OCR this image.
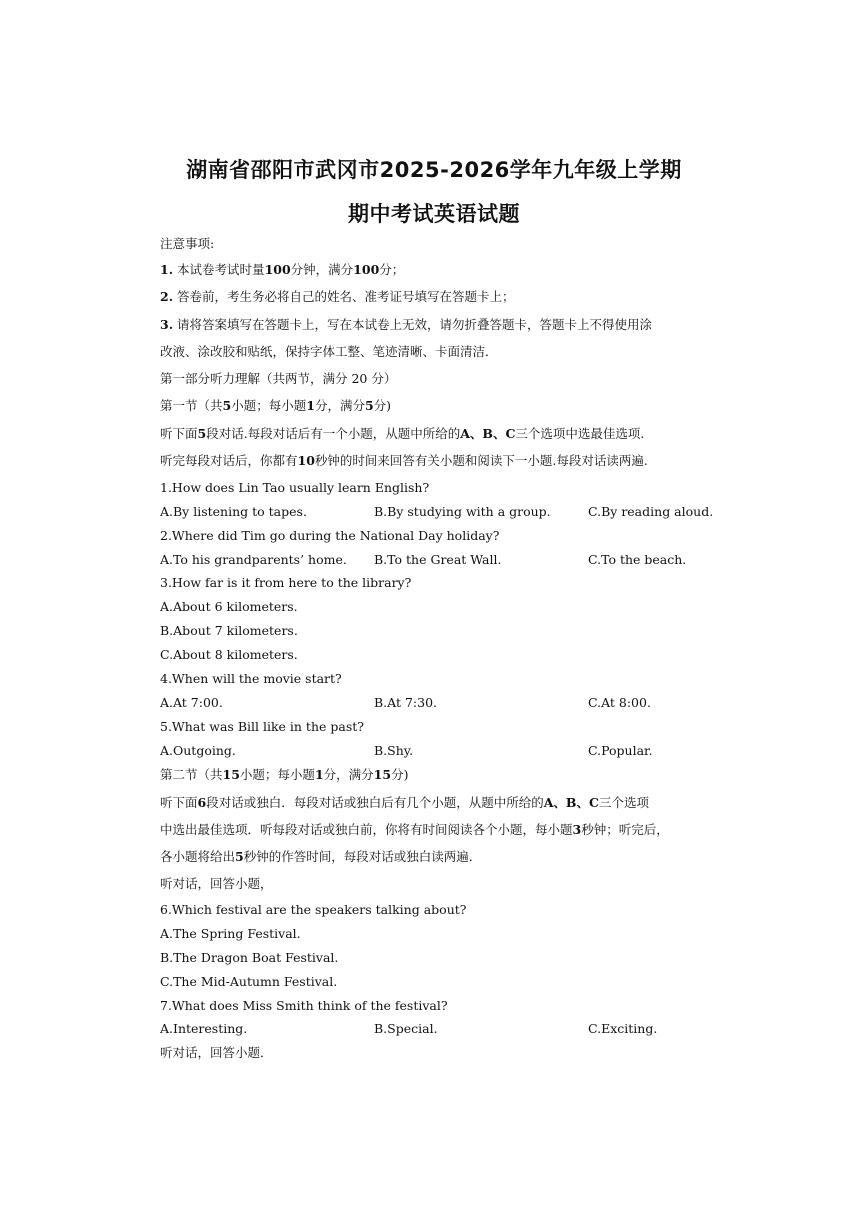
湖南省邵阳市武冈市2025-2026学年九年级上学期
期中考试英语试题
注意事项:
1. 本试卷考试时量100分钟，满分100分；
2. 答卷前，考生务必将自己的姓名、准考证号填写在答题卡上；
3. 请将答案填写在答题卡上，写在本试卷上无效，请勿折叠答题卡，答题卡上不得使用涂
改液、涂改胶和贴纸，保持字体工整、笔迹清晰、卡面清洁．
第一部分听力理解（共两节，满分 20 分）
第一节（共5小题；每小题1分，满分5分)
听下面5段对话.每段对话后有一个小题，从题中所给的A、B、C三个选项中选最佳选项.
听完每段对话后，你都有10秒钟的时间来回答有关小题和阅读下一小题.每段对话读两遍.
1.How does Lin Tao usually learn English?
A.By listening to tapes.	B.By studying with a group.	C.By reading aloud.
2.Where did Tim go during the National Day holiday?
A.To his grandparents’ home. B.To the Great Wall.	C.To the beach.
3.How far is it from here to the library?
A.About 6 kilometers.
B.About 7 kilometers.
C.About 8 kilometers.
4.When will the movie start?
A.At 7:00.	B.At 7:30.	C.At 8:00.
5.What was Bill like in the past?
A.Outgoing.	B.Shy.	C.Popular.
第二节（共15小题；每小题1分，满分15分)
听下面6段对话或独白．每段对话或独白后有几个小题，从题中所给的A、B、C三个选项
中选出最佳选项．听每段对话或独白前，你将有时间阅读各个小题，每小题3秒钟；听完后，
各小题将给出5秒钟的作答时间，每段对话或独白读两遍．
听对话，回答小题，
6.Which festival are the speakers talking about?
A.The Spring Festival.
B.The Dragon Boat Festival.
C.The Mid-Autumn Festival.
7.What does Miss Smith think of the festival?
A.Interesting.	B.Special.	C.Exciting.
听对话，回答小题．
